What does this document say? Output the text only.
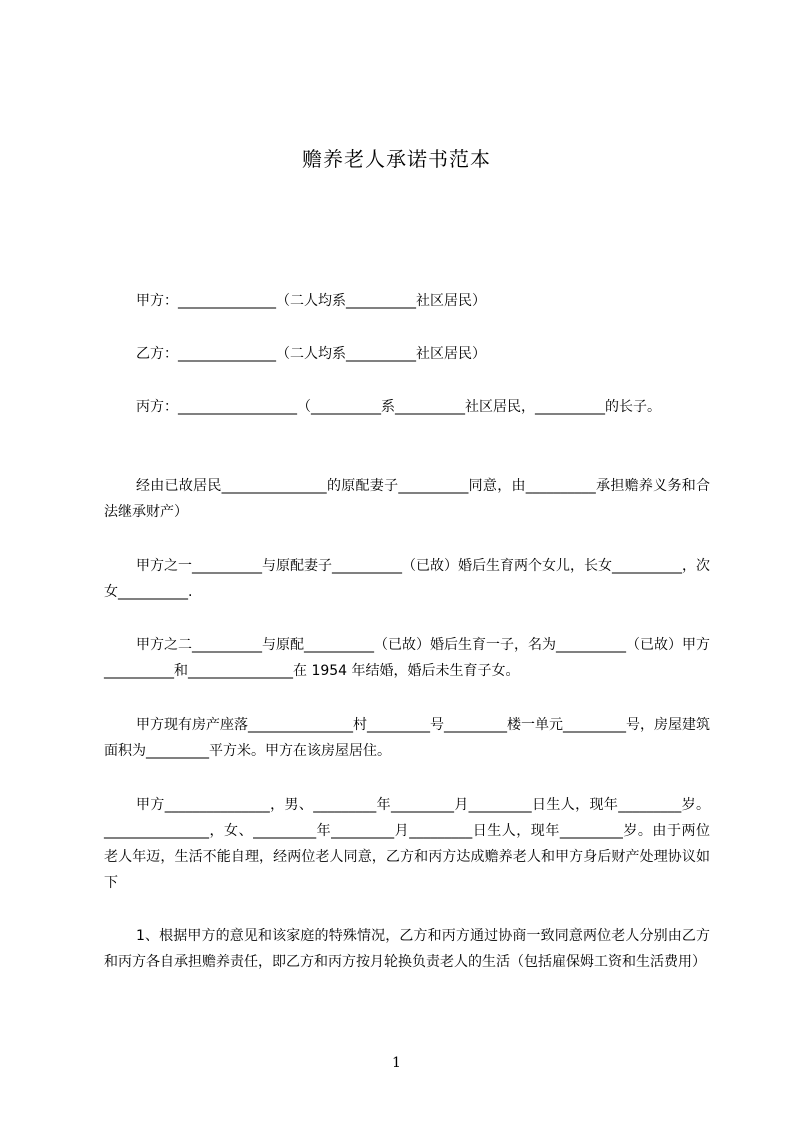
赡养老人承诺书范本

甲方：______________（二人均系__________社区居民）

乙方：______________（二人均系__________社区居民）

丙方：_________________（__________系__________社区居民，__________的长子。

经由已故居民_______________的原配妻子__________同意，由__________承担赡养义务和合法继承财产）

甲方之一__________与原配妻子__________（已故）婚后生育两个女儿，长女__________，次女__________.

甲方之二__________与原配__________（已故）婚后生育一子，名为__________（已故）甲方__________和_______________在 1954 年结婚，婚后未生育子女。

甲方现有房产座落_______________村_________号_________楼一单元_________号，房屋建筑面积为_________平方米。甲方在该房屋居住。

甲方_______________，男、_________年_________月_________日生人，现年_________岁。_______________，女、_________年_________月_________日生人，现年_________岁。由于两位老人年迈，生活不能自理，经两位老人同意，乙方和丙方达成赡养老人和甲方身后财产处理协议如下

1、根据甲方的意见和该家庭的特殊情况，乙方和丙方通过协商一致同意两位老人分别由乙方和丙方各自承担赡养责任，即乙方和丙方按月轮换负责老人的生活（包括雇保姆工资和生活费用）

1
